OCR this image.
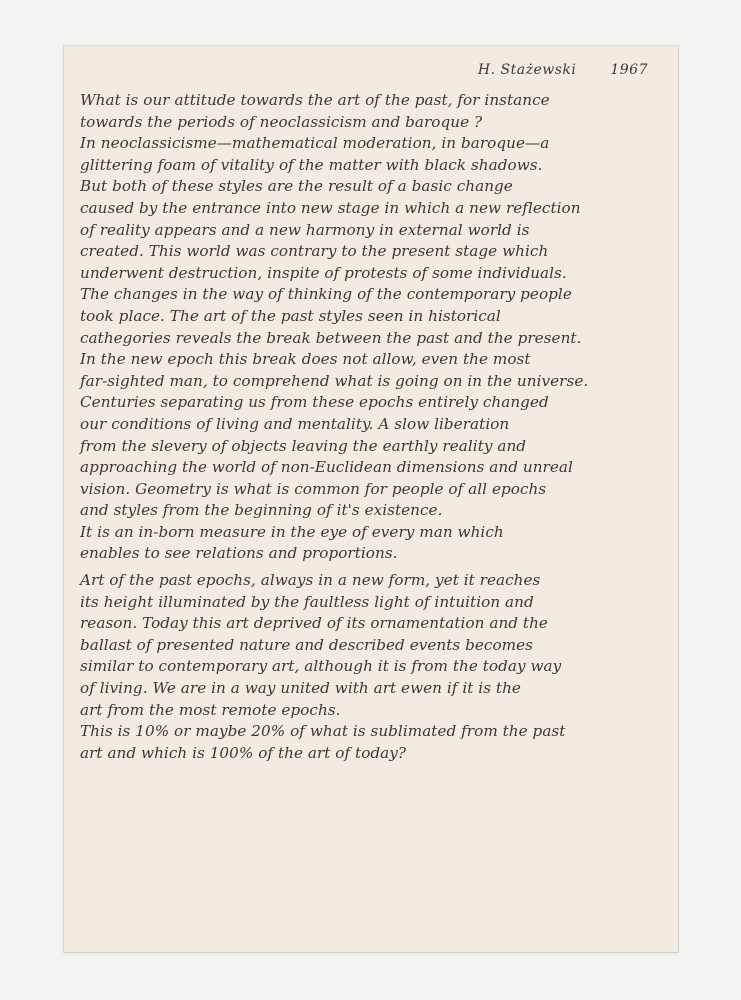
H. Stażewski 1967
What is our attitude towards the art of the past, for instance
towards the periods of neoclassicism and baroque ?
In neoclassicisme—mathematical moderation, in baroque—a
glittering foam of vitality of the matter with black shadows.
But both of these styles are the result of a basic change
caused by the entrance into new stage in which a new reflection
of reality appears and a new harmony in external world is
created. This world was contrary to the present stage which
underwent destruction, inspite of protests of some individuals.
The changes in the way of thinking of the contemporary people
took place. The art of the past styles seen in historical
cathegories reveals the break between the past and the present.
In the new epoch this break does not allow, even the most
far-sighted man, to comprehend what is going on in the universe.
Centuries separating us from these epochs entirely changed
our conditions of living and mentality. A slow liberation
from the slevery of objects leaving the earthly reality and
approaching the world of non-Euclidean dimensions and unreal
vision. Geometry is what is common for people of all epochs
and styles from the beginning of it's existence.
It is an in-born measure in the eye of every man which
enables to see relations and proportions.
Art of the past epochs, always in a new form, yet it reaches
its height illuminated by the faultless light of intuition and
reason. Today this art deprived of its ornamentation and the
ballast of presented nature and described events becomes
similar to contemporary art, although it is from the today way
of living. We are in a way united with art ewen if it is the
art from the most remote epochs.
This is 10% or maybe 20% of what is sublimated from the past
art and which is 100% of the art of today?
